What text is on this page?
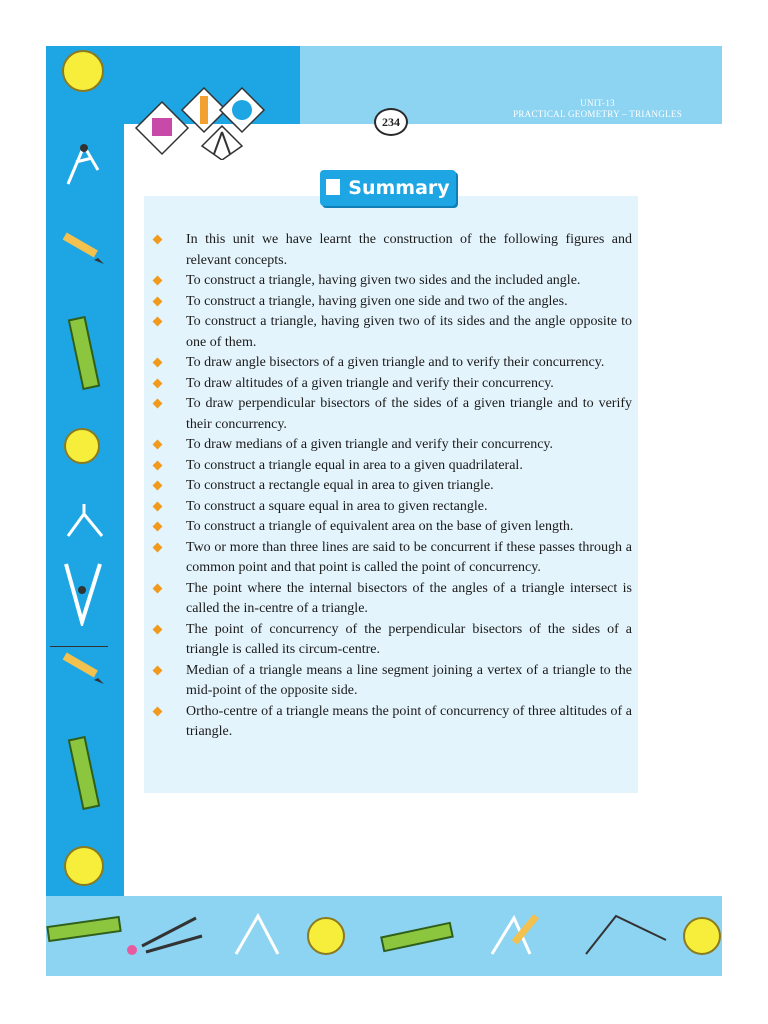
UNIT-13
PRACTICAL GEOMETRY – TRIANGLES
234
Summary
In this unit we have learnt the construction of the following figures and relevant concepts.
To construct a triangle, having given two sides and the included angle.
To construct a triangle, having given one side and two of the angles.
To construct a triangle, having given two of its sides and the angle opposite to one of them.
To draw angle bisectors of a given triangle and to verify their concurrency.
To draw altitudes of a given triangle and verify their concurrency.
To draw perpendicular bisectors of the sides of a given triangle and to verify their concurrency.
To draw medians of a given triangle and verify their concurrency.
To construct a triangle equal in area to a given quadrilateral.
To construct a rectangle equal in area to given triangle.
To construct a square equal in area to given rectangle.
To construct a triangle of equivalent area on the base of given length.
Two or more than three lines are said to be concurrent if these passes through a common point and that point is called the point of concurrency.
The point where the internal bisectors of the angles of a triangle intersect is called the in-centre of a triangle.
The point of concurrency of the perpendicular bisectors of the sides of a triangle is called its circum-centre.
Median of a triangle means a line segment joining a vertex of a triangle to the mid-point of the opposite side.
Ortho-centre of a triangle means the point of concurrency of three altitudes of a triangle.
